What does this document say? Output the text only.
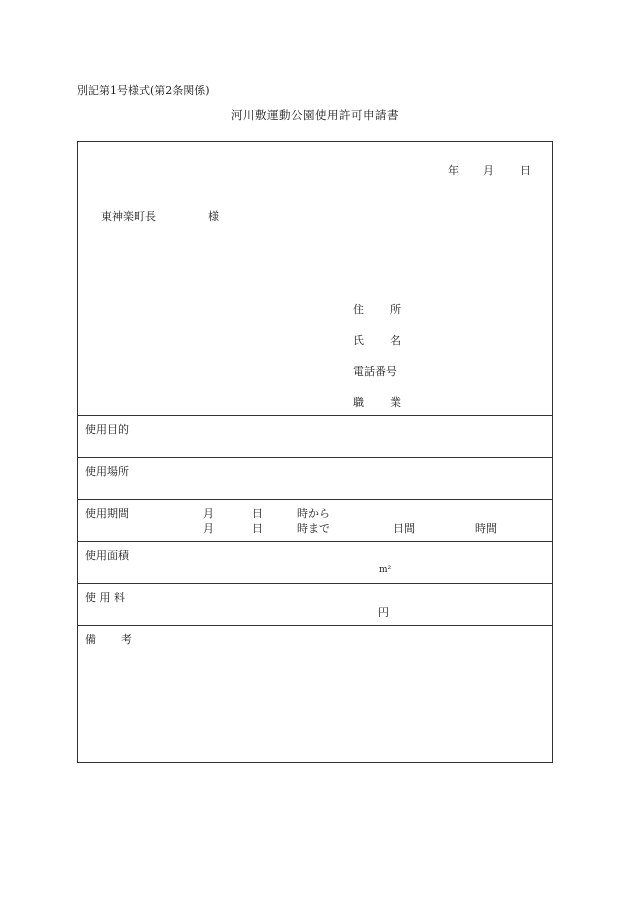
別記第1号様式(第2条関係)
河川敷運動公園使用許可申請書
年 月 日
東神楽町長	様
住 所
氏 名
電話番号
職 業
使用目的
使用場所
使用期間	月	日	時から
月	日	時まで	日間	時間
使用面積
m²
使 用 料
円
備 考
